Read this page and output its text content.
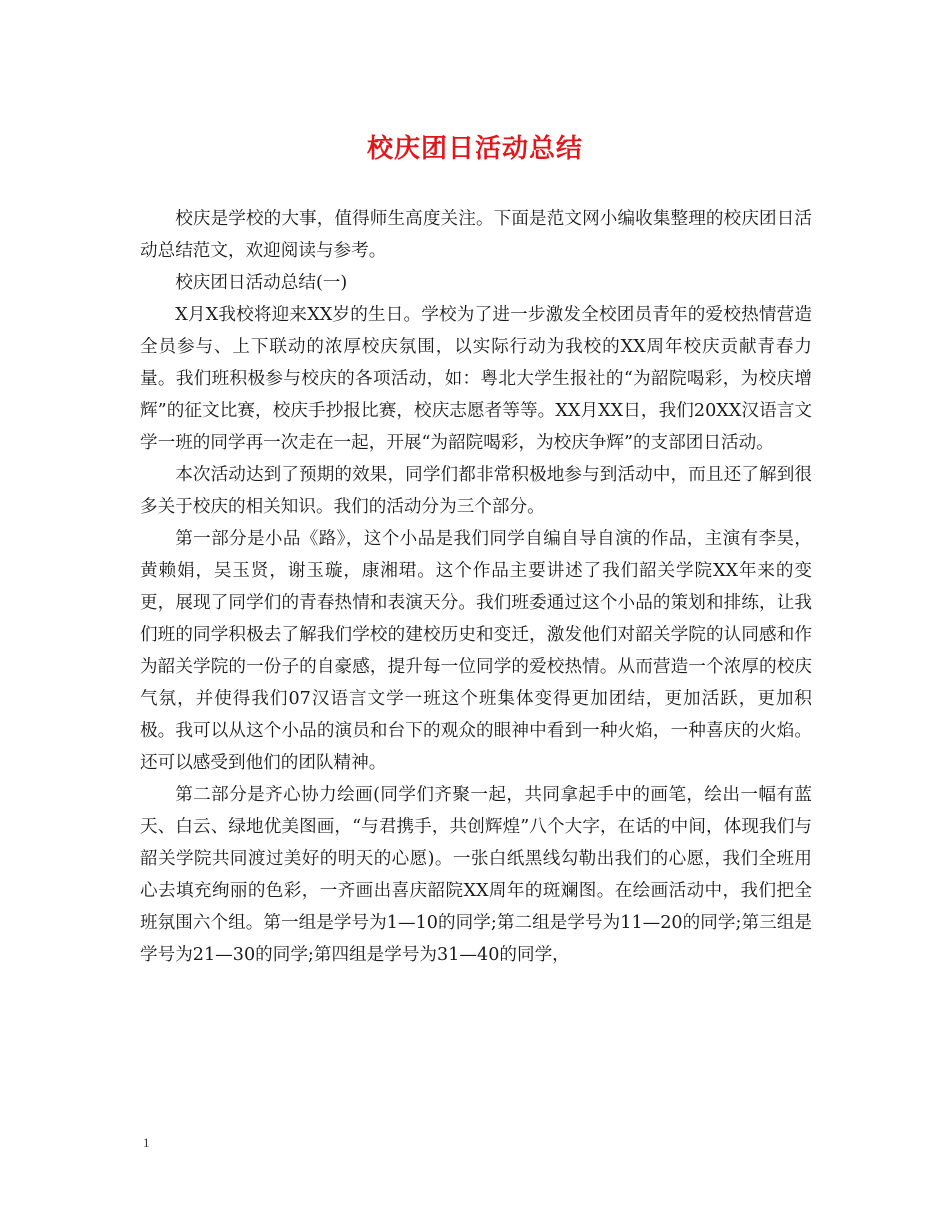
校庆团日活动总结

校庆是学校的大事，值得师生高度关注。下面是范文网小编收集整理的校庆团日活动总结范文，欢迎阅读与参考。

校庆团日活动总结(一)

X月X我校将迎来XX岁的生日。学校为了进一步激发全校团员青年的爱校热情营造全员参与、上下联动的浓厚校庆氛围，以实际行动为我校的XX周年校庆贡献青春力量。我们班积极参与校庆的各项活动，如：粤北大学生报社的“为韶院喝彩，为校庆增辉”的征文比赛，校庆手抄报比赛，校庆志愿者等等。XX月XX日，我们20XX汉语言文学一班的同学再一次走在一起，开展“为韶院喝彩，为校庆争辉”的支部团日活动。

本次活动达到了预期的效果，同学们都非常积极地参与到活动中，而且还了解到很多关于校庆的相关知识。我们的活动分为三个部分。

第一部分是小品《路》，这个小品是我们同学自编自导自演的作品，主演有李昊，黄赖娟，吴玉贤，谢玉璇，康湘珺。这个作品主要讲述了我们韶关学院XX年来的变更，展现了同学们的青春热情和表演天分。我们班委通过这个小品的策划和排练，让我们班的同学积极去了解我们学校的建校历史和变迁，激发他们对韶关学院的认同感和作为韶关学院的一份子的自豪感，提升每一位同学的爱校热情。从而营造一个浓厚的校庆气氛，并使得我们07汉语言文学一班这个班集体变得更加团结，更加活跃，更加积极。我可以从这个小品的演员和台下的观众的眼神中看到一种火焰，一种喜庆的火焰。还可以感受到他们的团队精神。

第二部分是齐心协力绘画(同学们齐聚一起，共同拿起手中的画笔，绘出一幅有蓝天、白云、绿地优美图画，“与君携手，共创辉煌”八个大字，在话的中间，体现我们与韶关学院共同渡过美好的明天的心愿)。一张白纸黑线勾勒出我们的心愿，我们全班用心去填充绚丽的色彩，一齐画出喜庆韶院XX周年的斑斓图。在绘画活动中，我们把全班氛围六个组。第一组是学号为1—10的同学;第二组是学号为11—20的同学;第三组是学号为21—30的同学;第四组是学号为31—40的同学，

1
